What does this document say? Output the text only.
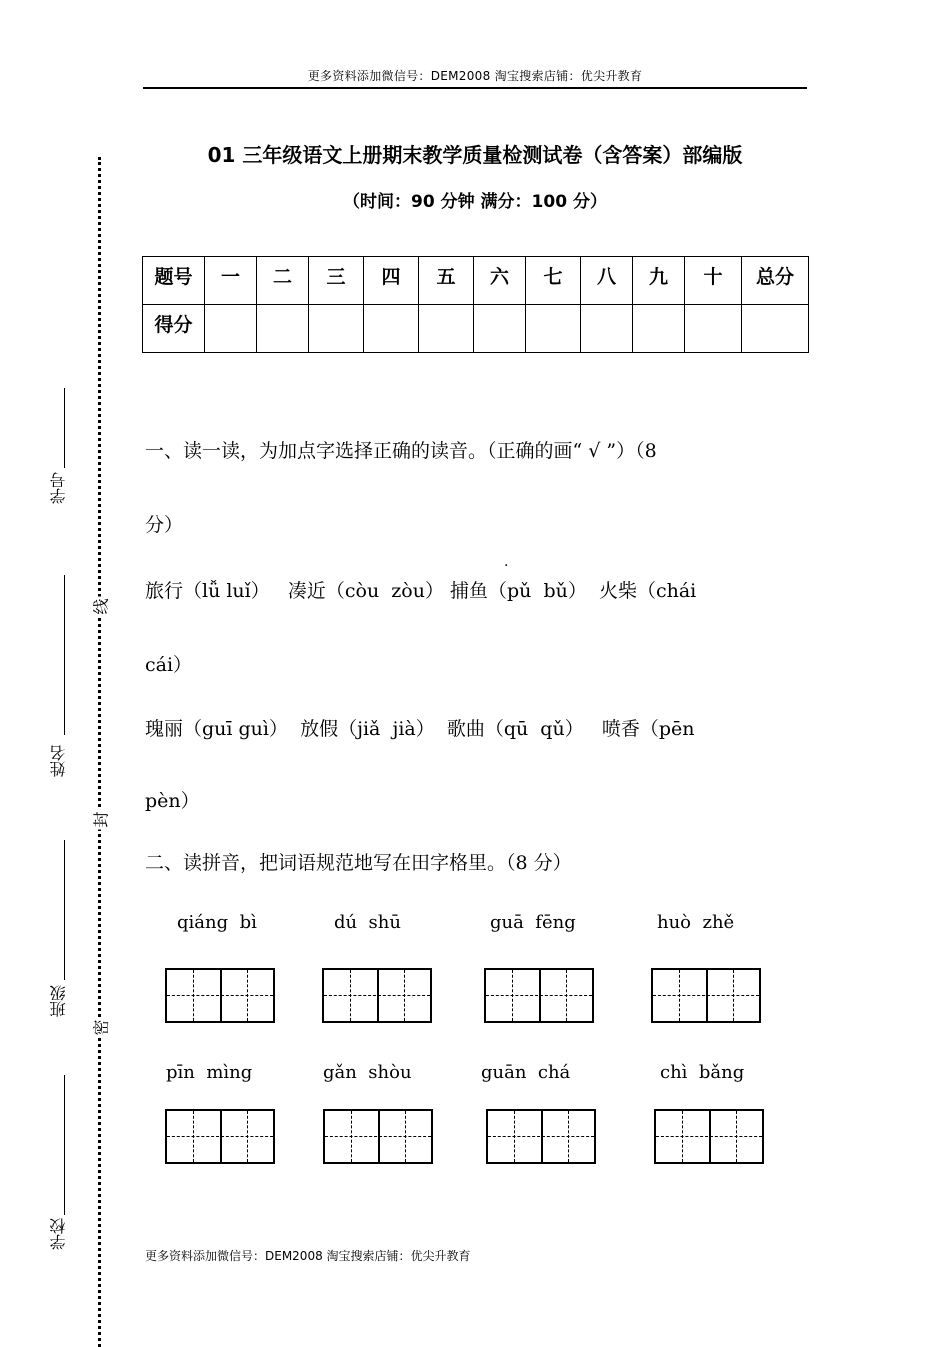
更多资料添加微信号：DEM2008 淘宝搜索店铺：优尖升教育
01 三年级语文上册期末教学质量检测试卷（含答案）部编版
（时间：90 分钟 满分：100 分）
题号	一	二	三	四	五	六	七	八	九	十	总分
得分											
一、读一读，为加点字选择正确的读音。（正确的画“ √ ”）（8
分）
旅行（lǚ luǐ）   凑近（còu  zòu） 捕鱼（pǔ  bǔ）  火柴（chái
·
cái）
瑰丽（guī guì）  放假（jiǎ  jià）  歌曲（qū  qǔ）   喷香（pēn
pèn）
二、读拼音，把词语规范地写在田字格里。（8 分）
qiáng  bì	dú  shū	guā  fēng	huò  zhě
pīn  mìng	gǎn  shòu	guān  chá	chì  bǎng
线
封
密
学号
姓名
班级
学校
更多资料添加微信号：DEM2008 淘宝搜索店铺：优尖升教育
